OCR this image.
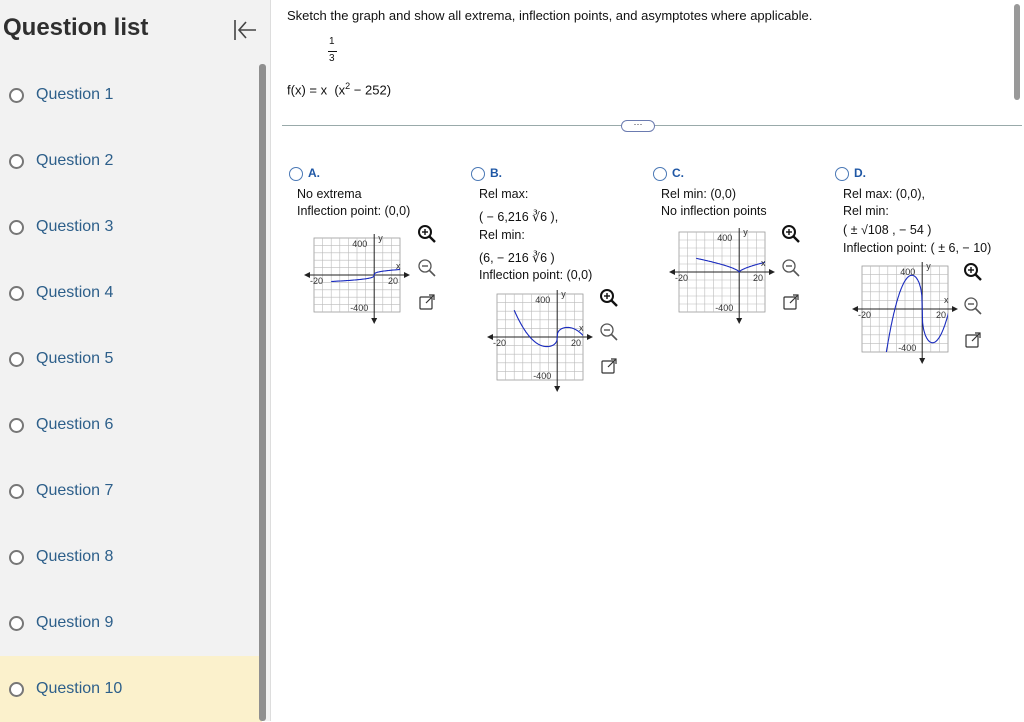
Question list
Question 1
Question 2
Question 3
Question 4
Question 5
Question 6
Question 7
Question 8
Question 9
Question 10
Sketch the graph and show all extrema, inflection points, and asymptotes where applicable.
1
3
f(x) = x $(x^2 - 252)$
⋯
A.
No extrema
Inflection point: (0,0)
B.
Rel max:
( − 6,216 ∛6 ),
Rel min:
(6, − 216 ∛6 )
Inflection point: (0,0)
C.
Rel min: (0,0)
No inflection points
D.
Rel max: (0,0),
Rel min:
( ± √108 , − 54 )
Inflection point: ( ± 6, − 10)
400
-400
-20	20
x
y
400
-400
-20	20
x
y
400
-400
-20	20
x
y
400
-400
-20	20
x
y
